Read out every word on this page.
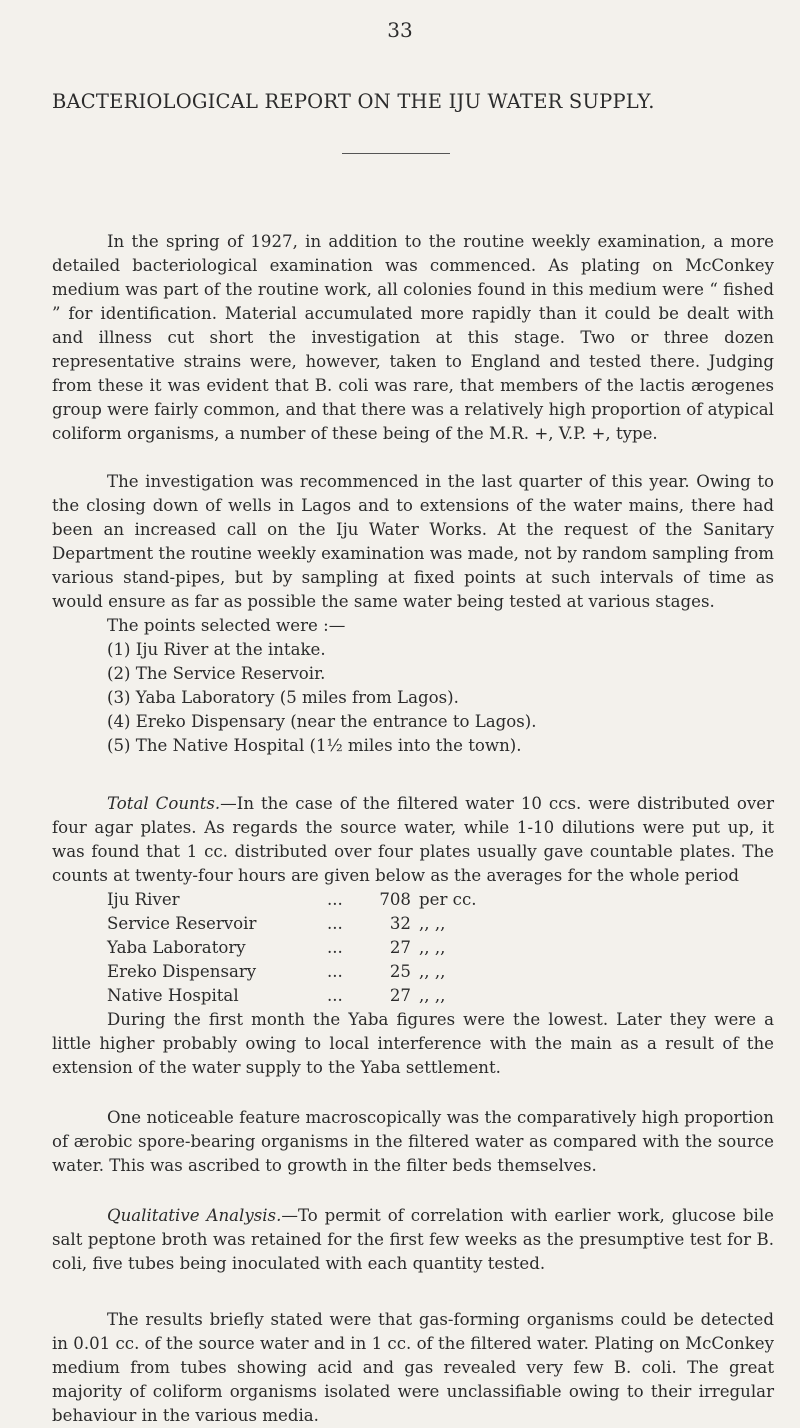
33
BACTERIOLOGICAL REPORT ON THE IJU WATER SUPPLY.

In the spring of 1927, in addition to the routine weekly examination, a more detailed bacteriological examination was commenced. As plating on McConkey medium was part of the routine work, all colonies found in this medium were “ fished ” for identification. Material accumulated more rapidly than it could be dealt with and illness cut short the investigation at this stage. Two or three dozen representative strains were, however, taken to England and tested there. Judging from these it was evident that B. coli was rare, that members of the lactis ærogenes group were fairly common, and that there was a relatively high proportion of atypical coliform organisms, a number of these being of the M.R. +, V.P. +, type.

The investigation was recommenced in the last quarter of this year. Owing to the closing down of wells in Lagos and to extensions of the water mains, there had been an increased call on the Iju Water Works. At the request of the Sanitary Department the routine weekly examination was made, not by random sampling from various stand-pipes, but by sampling at fixed points at such intervals of time as would ensure as far as possible the same water being tested at various stages.

The points selected were :—

(1) Iju River at the intake.
(2) The Service Reservoir.
(3) Yaba Laboratory (5 miles from Lagos).
(4) Ereko Dispensary (near the entrance to Lagos).
(5) The Native Hospital (1½ miles into the town).

Total Counts.—In the case of the filtered water 10 ccs. were distributed over four agar plates. As regards the source water, while 1-10 dilutions were put up, it was found that 1 cc. distributed over four plates usually gave countable plates. The counts at twenty-four hours are given below as the averages for the whole period

Iju River	...	708 per cc.
Service Reservoir	...	32 ,, ,,
Yaba Laboratory	...	27 ,, ,,
Ereko Dispensary	...	25 ,, ,,
Native Hospital	...	27 ,, ,,

During the first month the Yaba figures were the lowest. Later they were a little higher probably owing to local interference with the main as a result of the extension of the water supply to the Yaba settlement.

One noticeable feature macroscopically was the comparatively high proportion of ærobic spore-bearing organisms in the filtered water as compared with the source water. This was ascribed to growth in the filter beds themselves.

Qualitative Analysis.—To permit of correlation with earlier work, glucose bile salt peptone broth was retained for the first few weeks as the presumptive test for B. coli, five tubes being inoculated with each quantity tested.

The results briefly stated were that gas-forming organisms could be detected in 0.01 cc. of the source water and in 1 cc. of the filtered water. Plating on McConkey medium from tubes showing acid and gas revealed very few B. coli. The great majority of coliform organisms isolated were unclassifiable owing to their irregular behaviour in the various media.
